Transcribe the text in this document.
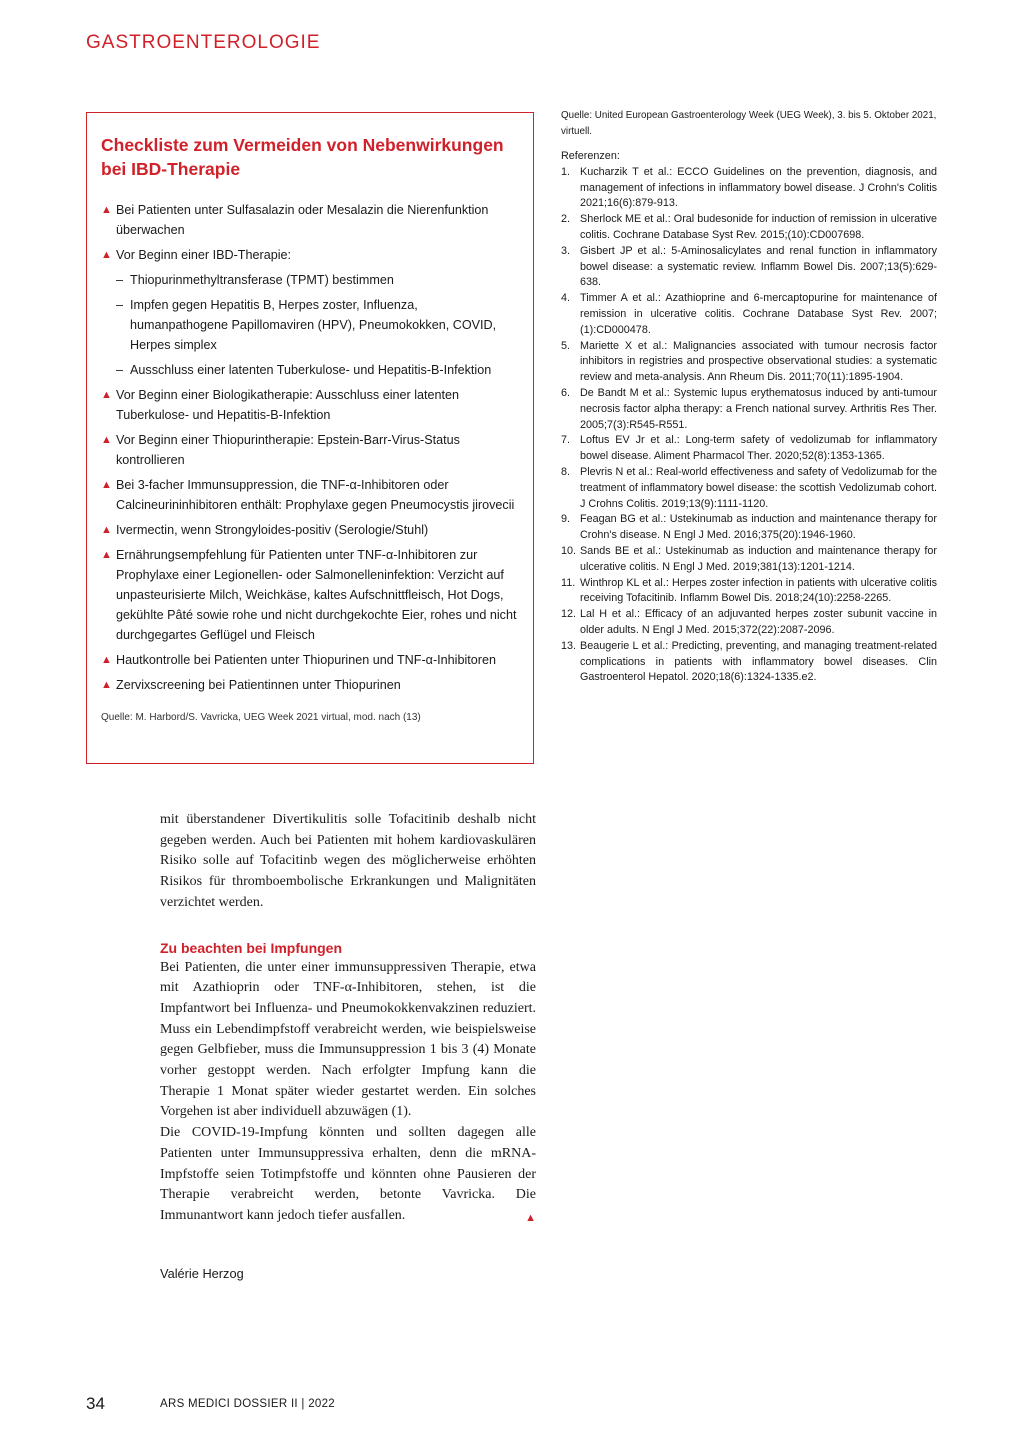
GASTROENTEROLOGIE
Checkliste zum Vermeiden von Nebenwirkungen bei IBD-Therapie
▲ Bei Patienten unter Sulfasalazin oder Mesalazin die Nierenfunktion überwachen
▲ Vor Beginn einer IBD-Therapie:
– Thiopurinmethyltransferase (TPMT) bestimmen
– Impfen gegen Hepatitis B, Herpes zoster, Influenza, humanpathogene Papillomaviren (HPV), Pneumokokken, COVID, Herpes simplex
– Ausschluss einer latenten Tuberkulose- und Hepatitis-B-Infektion
▲ Vor Beginn einer Biologikatherapie: Ausschluss einer latenten Tuberkulose- und Hepatitis-B-Infektion
▲ Vor Beginn einer Thiopurintherapie: Epstein-Barr-Virus-Status kontrollieren
▲ Bei 3-facher Immunsuppression, die TNF-α-Inhibitoren oder Calcineurininhibitoren enthält: Prophylaxe gegen Pneumocystis jirovecii
▲ Ivermectin, wenn Strongyloides-positiv (Serologie/Stuhl)
▲ Ernährungsempfehlung für Patienten unter TNF-α-Inhibitoren zur Prophylaxe einer Legionellen- oder Salmonelleninfektion: Verzicht auf unpasteurisierte Milch, Weichkäse, kaltes Aufschnittfleisch, Hot Dogs, gekühlte Pâté sowie rohe und nicht durchgekochte Eier, rohes und nicht durchgegartes Geflügel und Fleisch
▲ Hautkontrolle bei Patienten unter Thiopurinen und TNF-α-Inhibitoren
▲ Zervixscreening bei Patientinnen unter Thiopurinen
Quelle: M. Harbord/S. Vavricka, UEG Week 2021 virtual, mod. nach (13)
Quelle: United European Gastroenterology Week (UEG Week), 3. bis 5. Oktober 2021, virtuell.
Referenzen:
1. Kucharzik T et al.: ECCO Guidelines on the prevention, diagnosis, and management of infections in inflammatory bowel disease. J Crohn's Colitis 2021;16(6):879-913.
2. Sherlock ME et al.: Oral budesonide for induction of remission in ulcerative colitis. Cochrane Database Syst Rev. 2015;(10):CD007698.
3. Gisbert JP et al.: 5-Aminosalicylates and renal function in inflammatory bowel disease: a systematic review. Inflamm Bowel Dis. 2007;13(5):629-638.
4. Timmer A et al.: Azathioprine and 6-mercaptopurine for maintenance of remission in ulcerative colitis. Cochrane Database Syst Rev. 2007;(1):CD000478.
5. Mariette X et al.: Malignancies associated with tumour necrosis factor inhibitors in registries and prospective observational studies: a systematic review and meta-analysis. Ann Rheum Dis. 2011;70(11):1895-1904.
6. De Bandt M et al.: Systemic lupus erythematosus induced by anti-tumour necrosis factor alpha therapy: a French national survey. Arthritis Res Ther. 2005;7(3):R545-R551.
7. Loftus EV Jr et al.: Long-term safety of vedolizumab for inflammatory bowel disease. Aliment Pharmacol Ther. 2020;52(8):1353-1365.
8. Plevris N et al.: Real-world effectiveness and safety of Vedolizumab for the treatment of inflammatory bowel disease: the scottish Vedolizumab cohort. J Crohns Colitis. 2019;13(9):1111-1120.
9. Feagan BG et al.: Ustekinumab as induction and maintenance therapy for Crohn's disease. N Engl J Med. 2016;375(20):1946-1960.
10. Sands BE et al.: Ustekinumab as induction and maintenance therapy for ulcerative colitis. N Engl J Med. 2019;381(13):1201-1214.
11. Winthrop KL et al.: Herpes zoster infection in patients with ulcerative colitis receiving Tofacitinib. Inflamm Bowel Dis. 2018;24(10):2258-2265.
12. Lal H et al.: Efficacy of an adjuvanted herpes zoster subunit vaccine in older adults. N Engl J Med. 2015;372(22):2087-2096.
13. Beaugerie L et al.: Predicting, preventing, and managing treatment-related complications in patients with inflammatory bowel diseases. Clin Gastroenterol Hepatol. 2020;18(6):1324-1335.e2.

mit überstandener Divertikulitis solle Tofacitinib deshalb nicht gegeben werden. Auch bei Patienten mit hohem kardiovaskulären Risiko solle auf Tofacitinb wegen des möglicherweise erhöhten Risikos für thromboembolische Erkrankungen und Malignitäten verzichtet werden.

Zu beachten bei Impfungen

Bei Patienten, die unter einer immunsuppressiven Therapie, etwa mit Azathioprin oder TNF-α-Inhibitoren, stehen, ist die Impfantwort bei Influenza- und Pneumokokkenvakzinen reduziert. Muss ein Lebendimpfstoff verabreicht werden, wie beispielsweise gegen Gelbfieber, muss die Immunsuppression 1 bis 3 (4) Monate vorher gestoppt werden. Nach erfolgter Impfung kann die Therapie 1 Monat später wieder gestartet werden. Ein solches Vorgehen ist aber individuell abzuwägen (1).

Die COVID-19-Impfung könnten und sollten dagegen alle Patienten unter Immunsuppressiva erhalten, denn die mRNA-Impfstoffe seien Totimpfstoffe und könnten ohne Pausieren der Therapie verabreicht werden, betonte Vavricka. Die Immunantwort kann jedoch tiefer ausfallen.	▲

Valérie Herzog
34	ARS MEDICI DOSSIER II | 2022
